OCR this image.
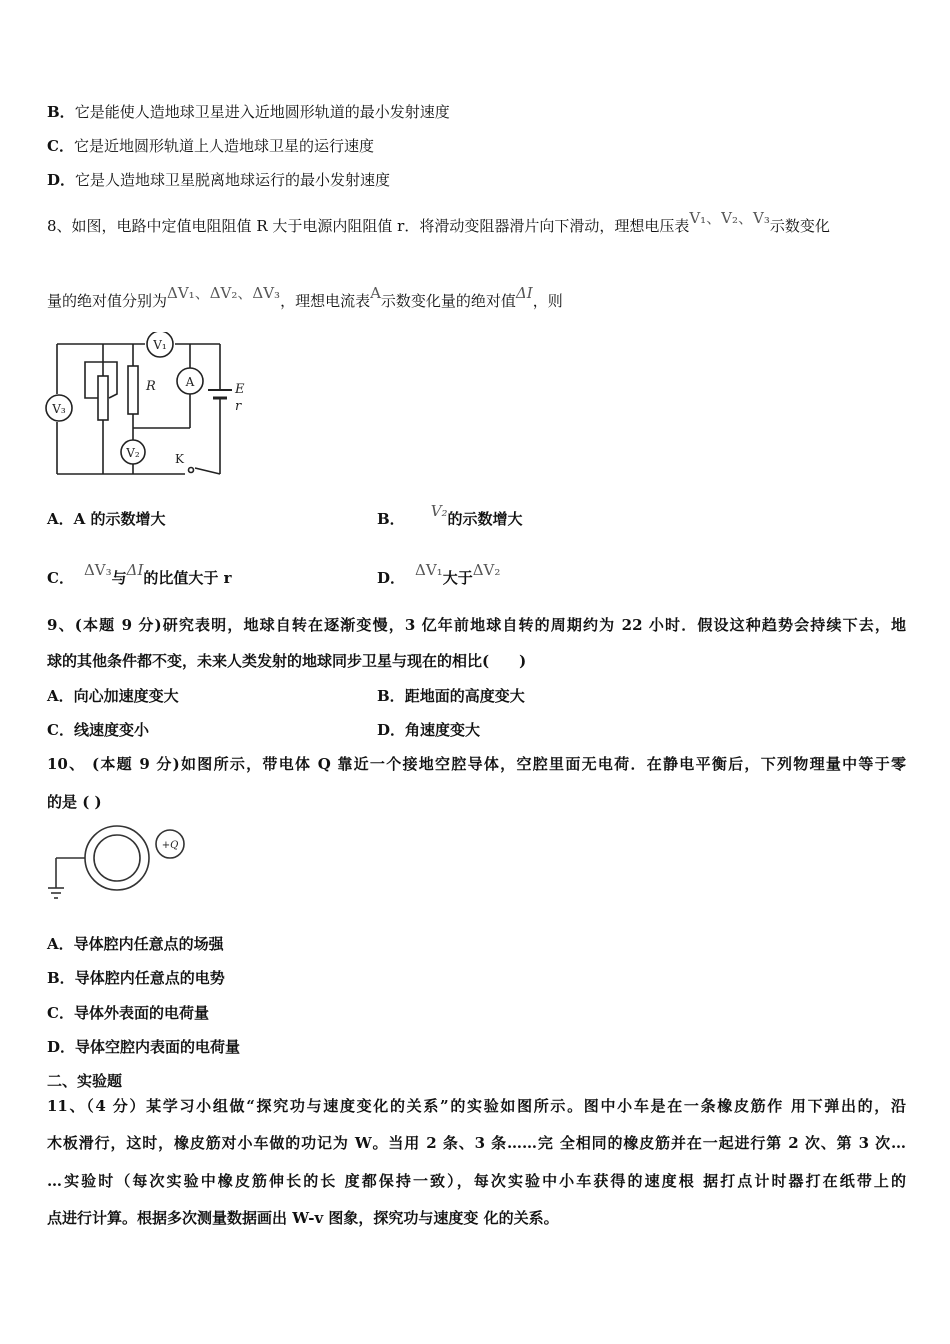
B．它是能使人造地球卫星进入近地圆形轨道的最小发射速度
C．它是近地圆形轨道上人造地球卫星的运行速度
D．它是人造地球卫星脱离地球运行的最小发射速度
8、如图，电路中定值电阻阻值 R 大于电源内阻阻值 r．将滑动变阻器滑片向下滑动，理想电压表V₁、V₂、V₃示数变化
量的绝对值分别为ΔV₁、ΔV₂、ΔV₃，理想电流表A示数变化量的绝对值ΔI，则
V₁
A
V₃
V₂
R	E
r
K
A．A 的示数增大	B． V₂的示数增大
C． ΔV₃与ΔI的比值大于 r	D． ΔV₁大于ΔV₂
9、(本题 9 分)研究表明，地球自转在逐渐变慢，3 亿年前地球自转的周期约为 22 小时．假设这种趋势会持续下去，地
球的其他条件都不变，未来人类发射的地球同步卫星与现在的相比(　　)
A．向心加速度变大	B．距地面的高度变大
C．线速度变小	D．角速度变大
10、 (本题 9 分)如图所示，带电体 Q 靠近一个接地空腔导体，空腔里面无电荷．在静电平衡后，下列物理量中等于零
的是 ( )
+Q
A．导体腔内任意点的场强
B．导体腔内任意点的电势
C．导体外表面的电荷量
D．导体空腔内表面的电荷量
二、实验题
11、（4 分）某学习小组做“探究功与速度变化的关系”的实验如图所示。图中小车是在一条橡皮筋作 用下弹出的，沿
木板滑行，这时，橡皮筋对小车做的功记为 W。当用 2 条、3 条……完 全相同的橡皮筋并在一起进行第 2 次、第 3 次…
…实验时（每次实验中橡皮筋伸长的长 度都保持一致），每次实验中小车获得的速度根 据打点计时器打在纸带上的
点进行计算。根据多次测量数据画出 W-v 图象，探究功与速度变 化的关系。
